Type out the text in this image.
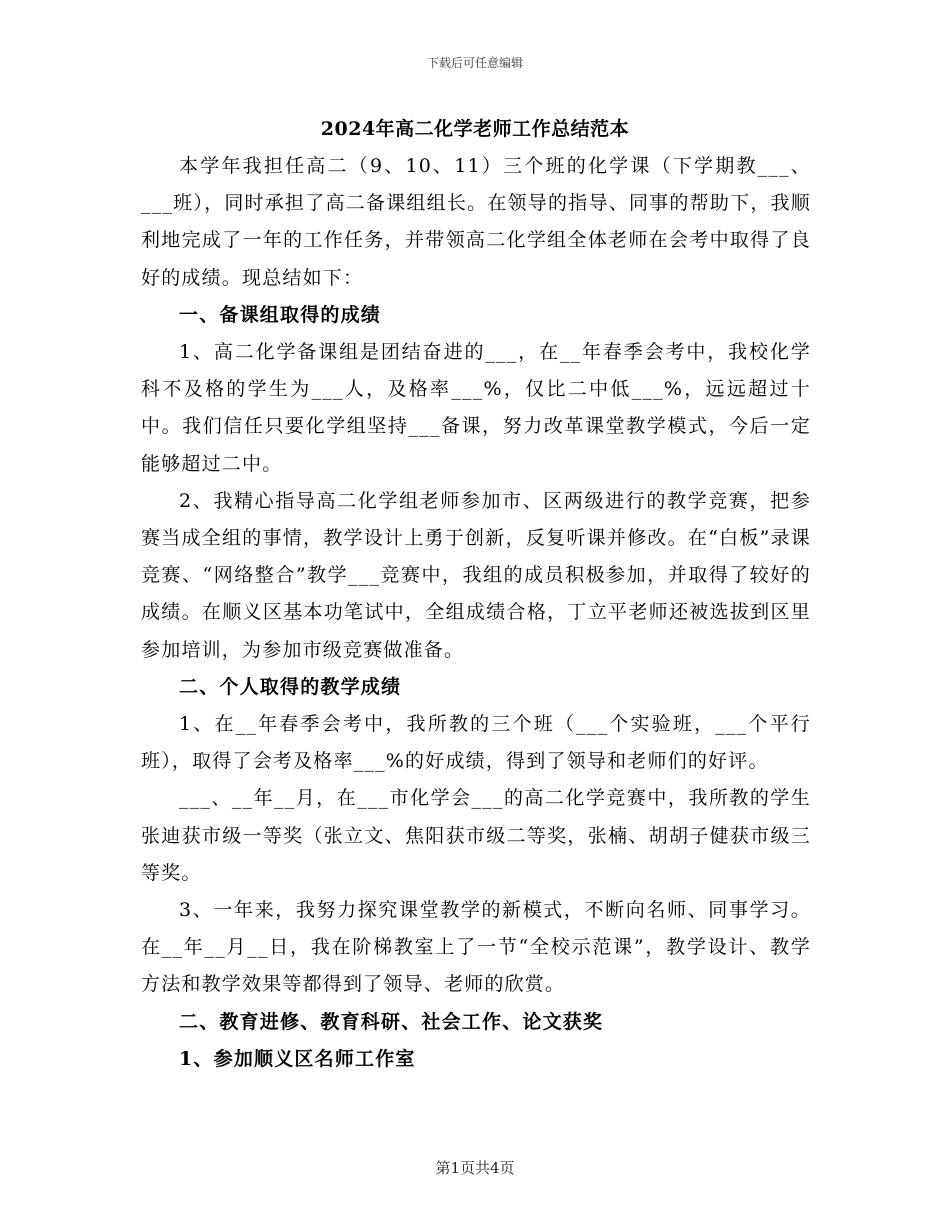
下载后可任意编辑
2024年高二化学老师工作总结范本

本学年我担任高二（9、10、11）三个班的化学课（下学期教___、___班），同时承担了高二备课组组长。在领导的指导、同事的帮助下，我顺利地完成了一年的工作任务，并带领高二化学组全体老师在会考中取得了良好的成绩。现总结如下：

一、备课组取得的成绩

1、高二化学备课组是团结奋进的___，在__年春季会考中，我校化学科不及格的学生为___人，及格率___%，仅比二中低___%，远远超过十中。我们信任只要化学组坚持___备课，努力改革课堂教学模式，今后一定能够超过二中。

2、我精心指导高二化学组老师参加市、区两级进行的教学竞赛，把参赛当成全组的事情，教学设计上勇于创新，反复听课并修改。在“白板”录课竞赛、“网络整合”教学___竞赛中，我组的成员积极参加，并取得了较好的成绩。在顺义区基本功笔试中，全组成绩合格，丁立平老师还被选拔到区里参加培训，为参加市级竞赛做准备。

二、个人取得的教学成绩

1、在__年春季会考中，我所教的三个班（___个实验班，___个平行班），取得了会考及格率___%的好成绩，得到了领导和老师们的好评。

___、__年__月，在___市化学会___的高二化学竞赛中，我所教的学生张迪获市级一等奖（张立文、焦阳获市级二等奖，张楠、胡胡子健获市级三等奖。

3、一年来，我努力探究课堂教学的新模式，不断向名师、同事学习。在__年__月__日，我在阶梯教室上了一节“全校示范课”，教学设计、教学方法和教学效果等都得到了领导、老师的欣赏。

二、教育进修、教育科研、社会工作、论文获奖

1、参加顺义区名师工作室

第1页共4页
